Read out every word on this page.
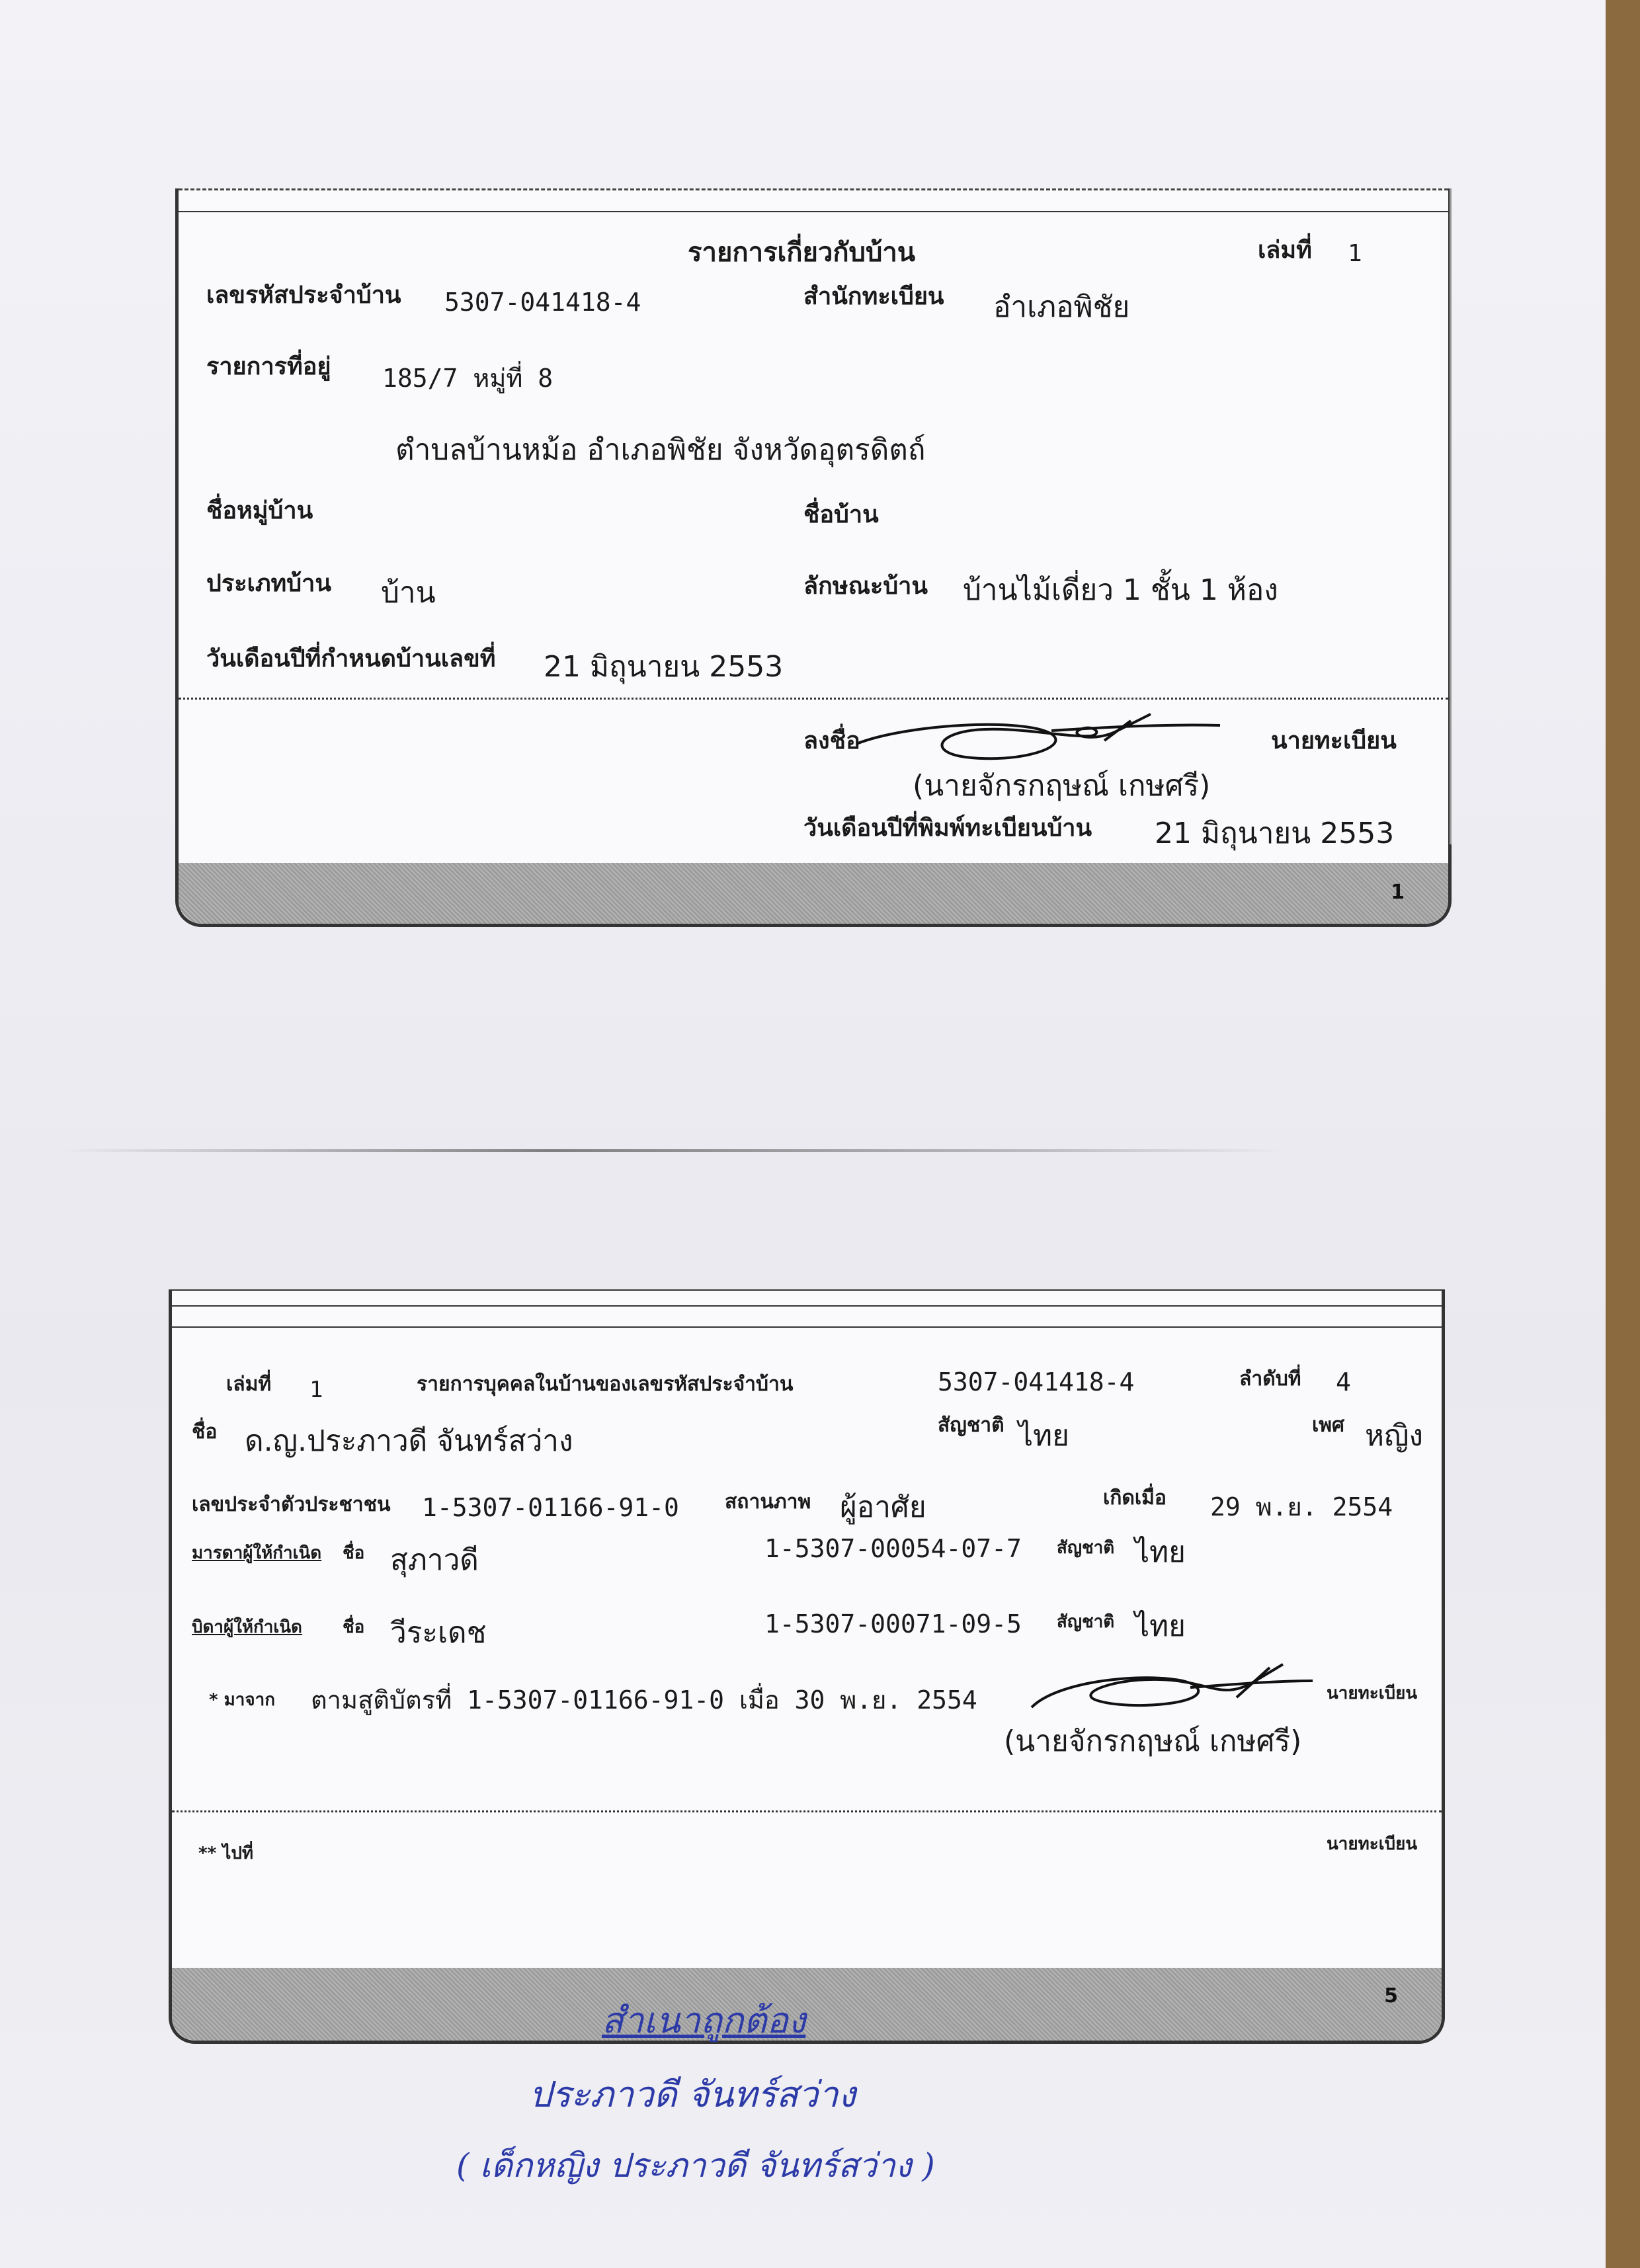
รายการเกี่ยวกับบ้าน	เล่มที่ 1
เลขรหัสประจำบ้าน 5307-041418-4	สำนักทะเบียน อำเภอพิชัย
รายการที่อยู่ 185/7 หมู่ที่ 8
ตำบลบ้านหม้อ อำเภอพิชัย จังหวัดอุตรดิตถ์
ชื่อหมู่บ้าน	ชื่อบ้าน
ประเภทบ้าน บ้าน	ลักษณะบ้าน บ้านไม้เดี่ยว 1 ชั้น 1 ห้อง
วันเดือนปีที่กำหนดบ้านเลขที่ 21 มิถุนายน 2553
ลงชื่อ	นายทะเบียน
(นายจักรกฤษณ์ เกษศรี)
วันเดือนปีที่พิมพ์ทะเบียนบ้าน 21 มิถุนายน 2553
1
เล่มที่ 1	รายการบุคคลในบ้านของเลขรหัสประจำบ้าน	5307-041418-4	ลำดับที่ 4
ชื่อ ด.ญ.ประภาวดี จันทร์สว่าง	สัญชาติ ไทย	เพศ หญิง
เลขประจำตัวประชาชน 1-5307-01166-91-0 สถานภาพ ผู้อาศัย	เกิดเมื่อ 29 พ.ย. 2554
มารดาผู้ให้กำเนิด ชื่อ สุภาวดี	1-5307-00054-07-7 สัญชาติ ไทย
บิดาผู้ให้กำเนิด ชื่อ วีระเดช	1-5307-00071-09-5 สัญชาติ ไทย
* มาจาก ตามสูติบัตรที่ 1-5307-01166-91-0 เมื่อ 30 พ.ย. 2554	นายทะเบียน
(นายจักรกฤษณ์ เกษศรี)
** ไปที่	นายทะเบียน
5
สำเนาถูกต้อง
ประภาวดี จันทร์สว่าง
( เด็กหญิง ประภาวดี จันทร์สว่าง )
